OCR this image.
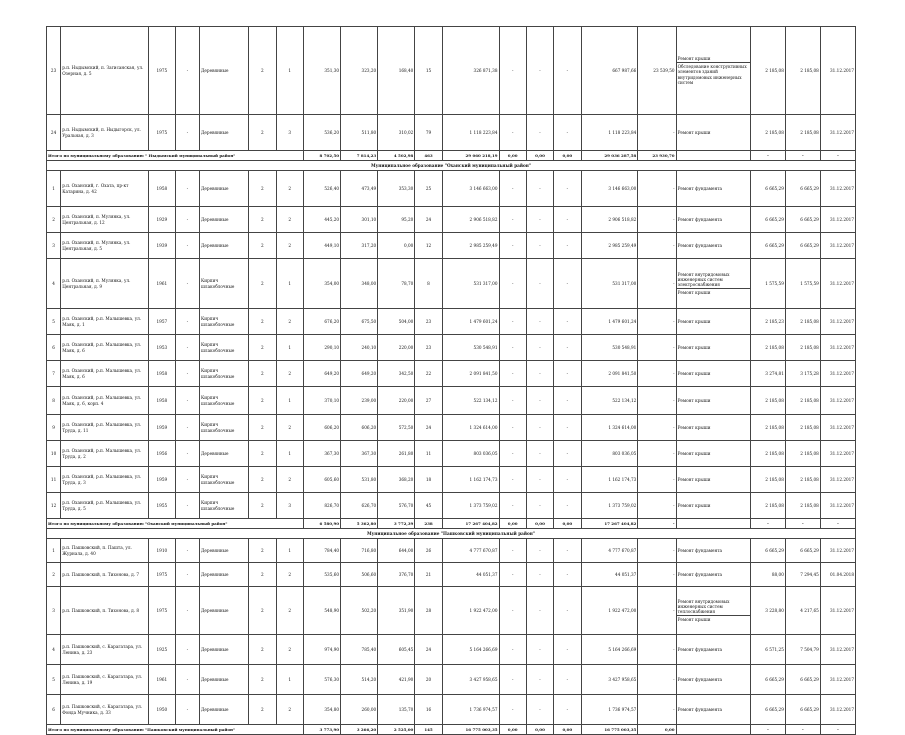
23	р.п. Ныдымский, п. Загисанская, ул. Озерная, д. 5	1975	-	Деревянные	2	1	351,30	323,20	168,40	15	326 871,38	-	-	-	667 987,66	23 539,50	Ремонт крыши
Обследование конструктивных элементов зданий внутридомовых инженерных систем	2 185,08	2 185,08	31.12.2017
24	р.п. Ныдымский, п. Ныдыгорск, ул. Уральная, д. 3	1975	-	Деревянные	2	3	536,20	511,80	310,02	79	1 118 223,84	-	-	-	1 118 223,84	-	Ремонт крыши	2 185,08	2 185,08	31.12.2017
Итого по муниципальному образованию " Ныдымский муниципальный район"							8 702,50	7 814,23	4 502,98	463	29 060 218,19	0,00	0,00	0,00	29 036 287,58	23 930,70		-	-	-
Муниципальное образование "Оханский муниципальный район"																				
1	р.п. Оханский, г. Охата, пр-кт Катарина, д. 42	1958	-	Деревянные	2	2	526,40	473,49	353,30	25	3 146 663,00	-	-	-	3 146 663,00	-	Ремонт фундамента	6 665,29	6 665,29	31.12.2017
2	р.п. Оханский, п. Мулянка, ул. Центральная, д. 12	1929	-	Деревянные	2	2	445,20	301,10	95,20	24	2 906 518,82	-	-	-	2 906 518,82	-	Ремонт фундамента	6 665,29	6 665,29	31.12.2017
3	р.п. Оханский, п. Мулянка, ул. Центральная, д. 5	1939	-	Деревянные	2	2	449,10	317,20	0,00	12	2 985 259,49	-	-	-	2 985 259,49	-	Ремонт фундамента	6 665,29	6 665,29	31.12.2017
4	р.п. Оханский, п. Мулянка, ул. Центральная, д. 9	1961	-	Кирпич шлакоблочные	2	1	354,00	348,00	78,70	8	531 317,00	-	-	-	531 317,00	-	Ремонт внутридомовых инженерных систем электроснабжения
Ремонт крыши	1 575,59	1 575,59	31.12.2017
5	р.п. Оханский, р.п. Малышевка, ул. Маяк, д. 1	1957	-	Кирпич шлакоблочные	2	2	676,20	675,50	504,00	23	1 479 601,24	-	-	-	1 479 601,24	-	Ремонт крыши	2 185,23	2 185,08	31.12.2017
6	р.п. Оханский, р.п. Малышевка, ул. Маяк, д. 6	1953	-	Кирпич шлакоблочные	2	1	290,10	240,10	220,00	23	530 548,91	-	-	-	530 548,91	-	Ремонт крыши	2 185,08	2 185,08	31.12.2017
7	р.п. Оханский, р.п. Малышевка, ул. Маяк, д. 6	1958	-	Кирпич шлакоблочные	2	2	649,20	649,20	342,50	22	2 091 841,50	-	-	-	2 091 841,50	-	Ремонт крыши	3 274,81	3 175,28	31.12.2017
8	р.п. Оханский, р.п. Малышевка, ул. Маяк, д. 6, корп. 4	1958	-	Кирпич шлакоблочные	2	1	370,10	239,00	220,00	27	522 134,12	-	-	-	522 134,12	-	Ремонт крыши	2 185,08	2 185,08	31.12.2017
9	р.п. Оханский, р.п. Малышевка, ул. Труда, д. 11	1959	-	Кирпич шлакоблочные	2	2	606,20	606,20	572,50	24	1 324 614,00	-	-	-	1 324 614,00	-	Ремонт крыши	2 185,08	2 185,08	31.12.2017
10	р.п. Оханский, р.п. Малышевка, ул. Труда, д. 2	1956	-	Деревянные	2	1	367,30	367,30	261,80	11	803 036,05	-	-	-	803 036,05	-	Ремонт крыши	2 185,08	2 185,08	31.12.2017
11	р.п. Оханский, р.п. Малышевка, ул. Труда, д. 3	1959	-	Кирпич шлакоблочные	2	2	605,60	531,80	368,20	18	1 162 174,73	-	-	-	1 162 174,73	-	Ремонт крыши	2 185,08	2 185,08	31.12.2017
12	р.п. Оханский, р.п. Малышевка, ул. Труда, д. 5	1955	-	Кирпич шлакоблочные	2	3	826,70	626,70	576,70	45	1 373 759,02	-	-	-	1 373 759,02	-	Ремонт крыши	2 185,08	2 185,08	31.12.2017
Итого по муниципальному образованию "Оханский муниципальный район"							6 580,90	5 362,80	3 772,39	238	17 267 404,82	0,00	0,00	0,00	17 267 404,82	-		-	-	-
Муниципальное образование "Пашковский муниципальный район"																				
1	р.п. Пашковский, п. Пашта, ул. Журнала, д. 40	1910	-	Деревянные	2	1	784,40	716,80	644,00	26	4 777 670,87	-	-	-	4 777 670,87	-	Ремонт фундамента	6 665,29	6 665,29	31.12.2017
2	р.п. Пашковский, п. Тихонова, д. 7	1975	-	Деревянные	2	2	535,60	506,60	376,70	21	44 051,37	-	-	-	44 051,37	-	Ремонт фундамента	88,00	7 294,45	01.04.2018
3	р.п. Пашковский, п. Тихонова, д. 8	1975	-	Деревянные	2	2	548,90	502,20	351,90	28	1 922 472,00	-	-	-	1 922 472,00	-	Ремонт внутридомовых инженерных систем теплоснабжения
Ремонт крыши	3 228,80	4 217,65	31.12.2017
4	р.п. Пашковский, с. Карагатара, ул. Ленина, д. 23	1925	-	Деревянные	2	2	974,90	785,40	605,45	24	5 164 266,69	-	-	-	5 164 266,69	-	Ремонт фундамента	6 571,25	7 504,79	31.12.2017
5	р.п. Пашковский, с. Карагатара, ул. Ленина, д. 19	1961	-	Деревянные	2	1	576,30	514,20	421,90	20	3 427 958,65	-	-	-	3 427 958,65	-	Ремонт фундамента	6 665,29	6 665,29	31.12.2017
6	р.п. Пашковский, с. Карагатара, ул. Фонда Мучника, д. 33	1950	-	Деревянные	2	2	354,80	260,00	135,70	16	1 736 974,57	-	-	-	1 736 974,57	-	Ремонт фундамента	6 665,29	6 665,29	31.12.2017
Итого по муниципальному образованию "Пашковский муниципальный район"							3 773,90	3 266,20	2 525,00	145	16 775 003,35	0,00	0,00	0,00	16 775 003,35	0,00		-	-	-
